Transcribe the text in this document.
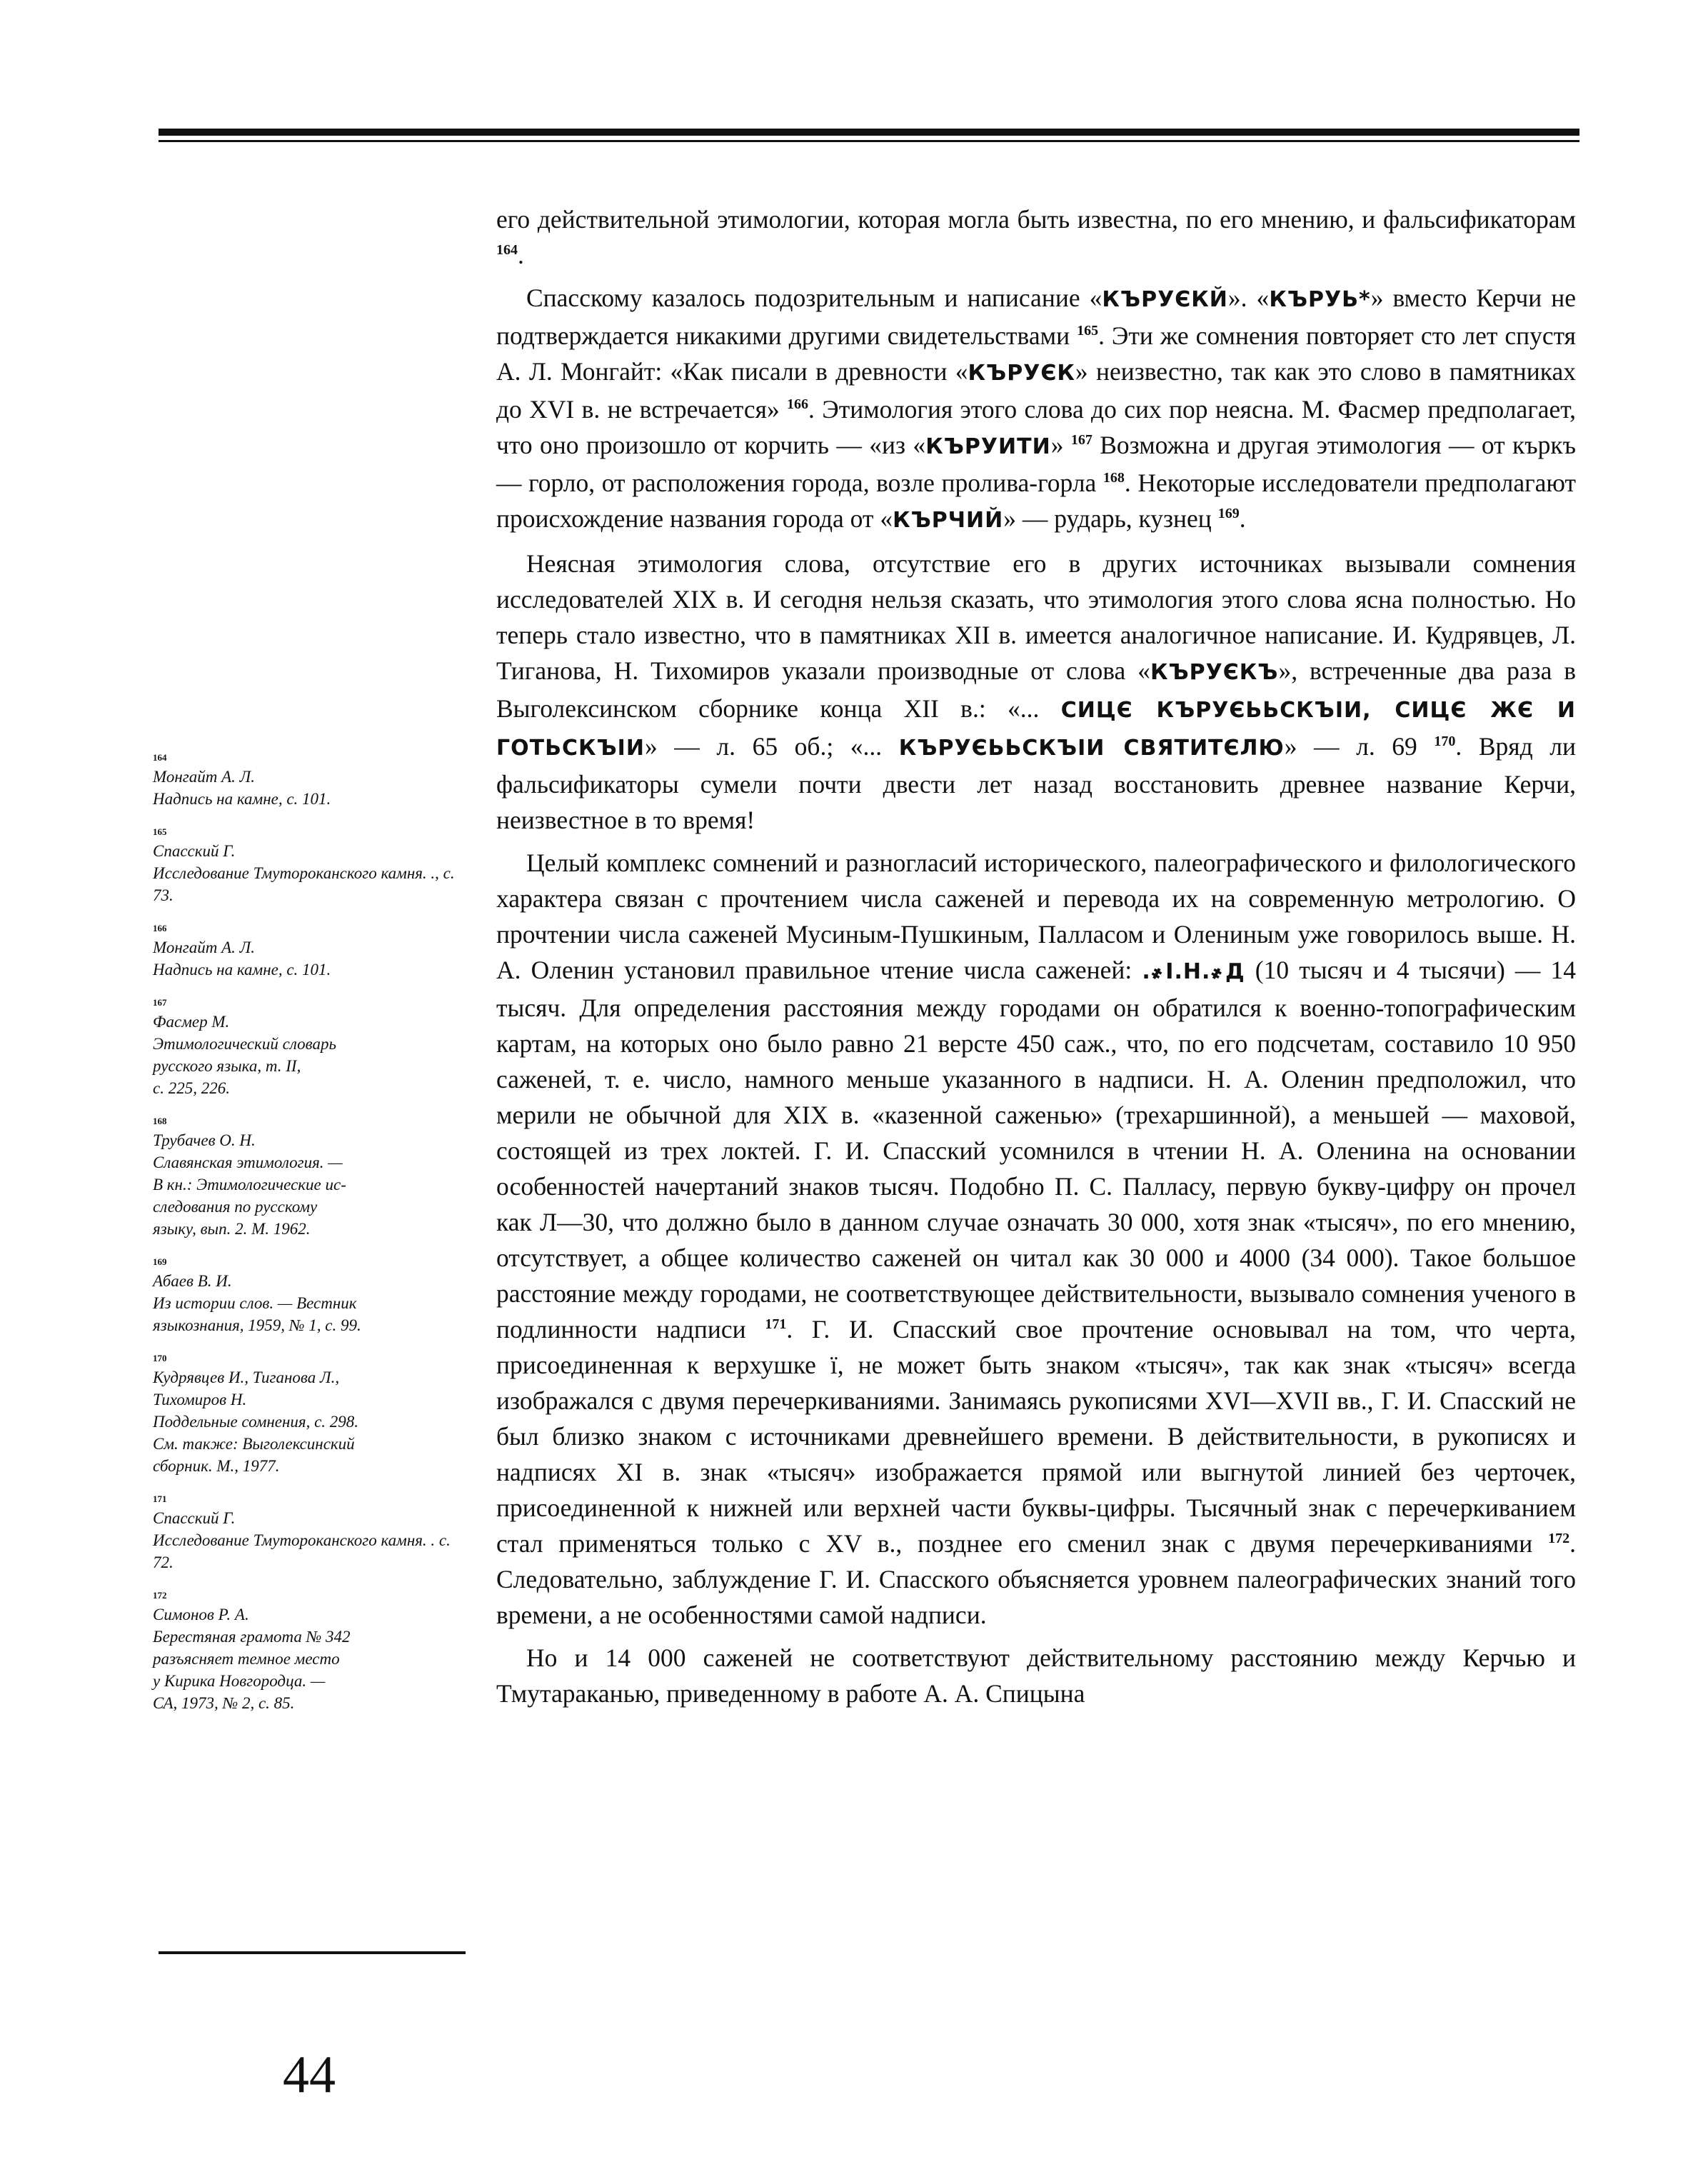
его действительной этимологии, которая могла быть известна, по его мнению, и фальсификаторам $^{164}$.

Спасскому казалось подозрительным и написание «КЪРУЄКЙ». «КЪРУЬ*» вместо Керчи не подтверждается никакими другими свидетельствами $^{165}$. Эти же сомнения повторяет сто лет спустя А. Л. Монгайт: «Как писали в древности «КЪРУЄК» неизвестно, так как это слово в памятниках до XVI в. не встречается» $^{166}$. Этимология этого слова до сих пор неясна. М. Фасмер предполагает, что оно произошло от корчить — «из «КЪРУИТИ» $^{167}$ Возможна и другая этимология — от къркъ — горло, от расположения города, возле пролива-горла $^{168}$. Некоторые исследователи предполагают происхождение названия города от «КЪРЧИЙ» — рударь, кузнец $^{169}$.

Неясная этимология слова, отсутствие его в других источниках вызывали сомнения исследователей XIX в. И сегодня нельзя сказать, что этимология этого слова ясна полностью. Но теперь стало известно, что в памятниках XII в. имеется аналогичное написание. И. Кудрявцев, Л. Тиганова, Н. Тихомиров указали производные от слова «КЪРУЄКЪ», встреченные два раза в Выголексинском сборнике конца XII в.: «... СИЦЄ КЪРУЄЬЬСКЪІИ, СИЦЄ ЖЄ И ГОТЬСКЪІИ» — л. 65 об.; «... КЪРУЄЬЬСКЪІИ СВЯТИТЄЛЮ» — л. 69 $^{170}$. Вряд ли фальсификаторы сумели почти двести лет назад восстановить древнее название Керчи, неизвестное в то время!

Целый комплекс сомнений и разногласий исторического, палеографического и филологического характера связан с прочтением числа саженей и перевода их на современную метрологию. О прочтении числа саженей Мусиным-Пушкиным, Палласом и Олениным уже говорилось выше. Н. А. Оленин установил правильное чтение числа саженей: .҂І.Н.҂Д (10 тысяч и 4 тысячи) — 14 тысяч. Для определения расстояния между городами он обратился к военно-топографическим картам, на которых оно было равно 21 версте 450 саж., что, по его подсчетам, составило 10 950 саженей, т. е. число, намного меньше указанного в надписи. Н. А. Оленин предположил, что мерили не обычной для XIX в. «казенной саженью» (трехаршинной), а меньшей — маховой, состоящей из трех локтей. Г. И. Спасский усомнился в чтении Н. А. Оленина на основании особенностей начертаний знаков тысяч. Подобно П. С. Палласу, первую букву-цифру он прочел как Л—30, что должно было в данном случае означать 30 000, хотя знак «тысяч», по его мнению, отсутствует, а общее количество саженей он читал как 30 000 и 4000 (34 000). Такое большое расстояние между городами, не соответствующее действительности, вызывало сомнения ученого в подлинности надписи $^{171}$. Г. И. Спасский свое прочтение основывал на том, что черта, присоединенная к верхушке ї, не может быть знаком «тысяч», так как знак «тысяч» всегда изображался с двумя перечеркиваниями. Занимаясь рукописями XVI—XVII вв., Г. И. Спасский не был близко знаком с источниками древнейшего времени. В действительности, в рукописях и надписях XI в. знак «тысяч» изображается прямой или выгнутой линией без черточек, присоединенной к нижней или верхней части буквы-цифры. Тысячный знак с перечеркиванием стал применяться только с XV в., позднее его сменил знак с двумя перечеркиваниями $^{172}$. Следовательно, заблуждение Г. И. Спасского объясняется уровнем палеографических знаний того времени, а не особенностями самой надписи.

Но и 14 000 саженей не соответствуют действительному расстоянию между Керчью и Тмутараканью, приведенному в работе А. А. Спицына

164
Монгайт А. Л.
Надпись на камне, с. 101.
165
Спасский Г.
Исследование Тмутороканского камня. ., с. 73.
166
Монгайт А. Л.
Надпись на камне, с. 101.
167
Фасмер М.
Этимологический словарь
русского языка, т. II,
с. 225, 226.
168
Трубачев О. Н.
Славянская этимология. —
В кн.: Этимологические ис-
следования по русскому
языку, вып. 2. М. 1962.
169
Абаев В. И.
Из истории слов. — Вестник
языкознания, 1959, № 1, с. 99.
170
Кудрявцев И., Тиганова Л.,
Тихомиров Н.
Поддельные сомнения, с. 298.
См. также: Выголексинский
сборник. М., 1977.
171
Спасский Г.
Исследование Тмутороканского камня. . с. 72.
172
Симонов Р. А.
Берестяная грамота № 342
разъясняет темное место
у Кирика Новгородца. —
СА, 1973, № 2, с. 85.
44
